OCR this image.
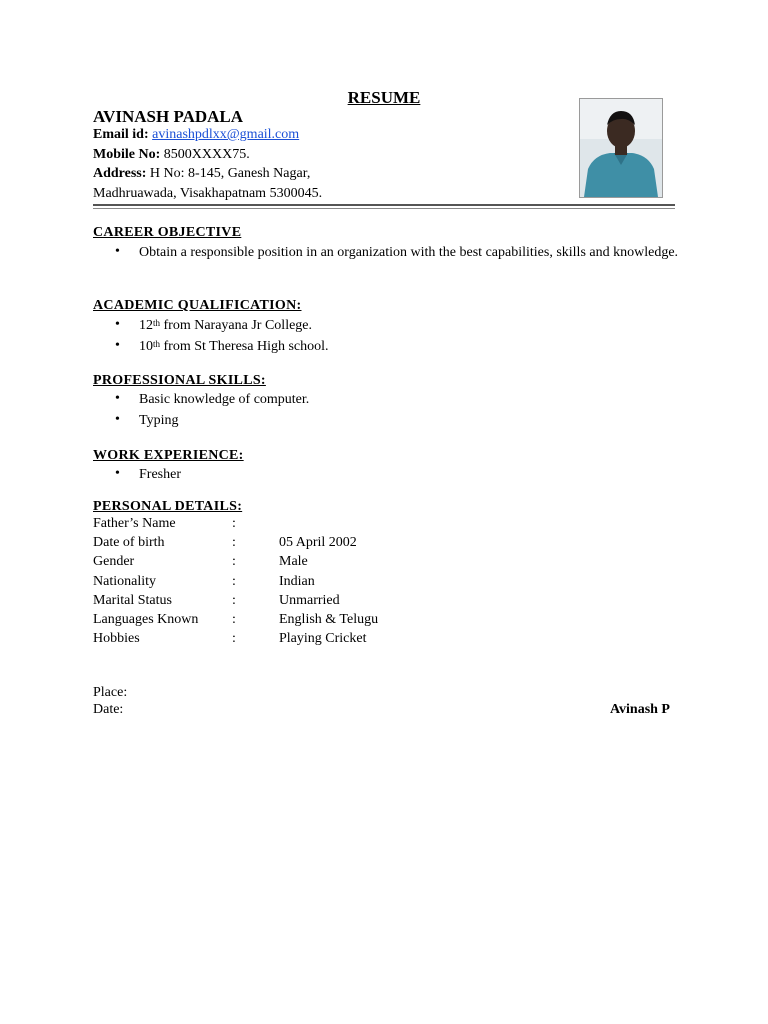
RESUME
AVINASH PADALA
Email id: avinashpdlxx@gmail.com
Mobile No: 8500XXXX75.
Address: H No: 8-145, Ganesh Nagar,
Madhruawada, Visakhapatnam 5300045.
CAREER OBJECTIVE
• Obtain a responsible position in an organization with the best capabilities, skills and knowledge.
ACADEMIC QUALIFICATION:
• 12th from Narayana Jr College.
• 10th from St Theresa High school.
PROFESSIONAL SKILLS:
• Basic knowledge of computer.
• Typing
WORK EXPERIENCE:
• Fresher
PERSONAL DETAILS:
Father’s Name	:
Date of birth	:	05 April 2002
Gender	:	Male
Nationality	:	Indian
Marital Status	:	Unmarried
Languages Known :	English & Telugu
Hobbies	:	Playing Cricket
Place:
Date:	Avinash P
